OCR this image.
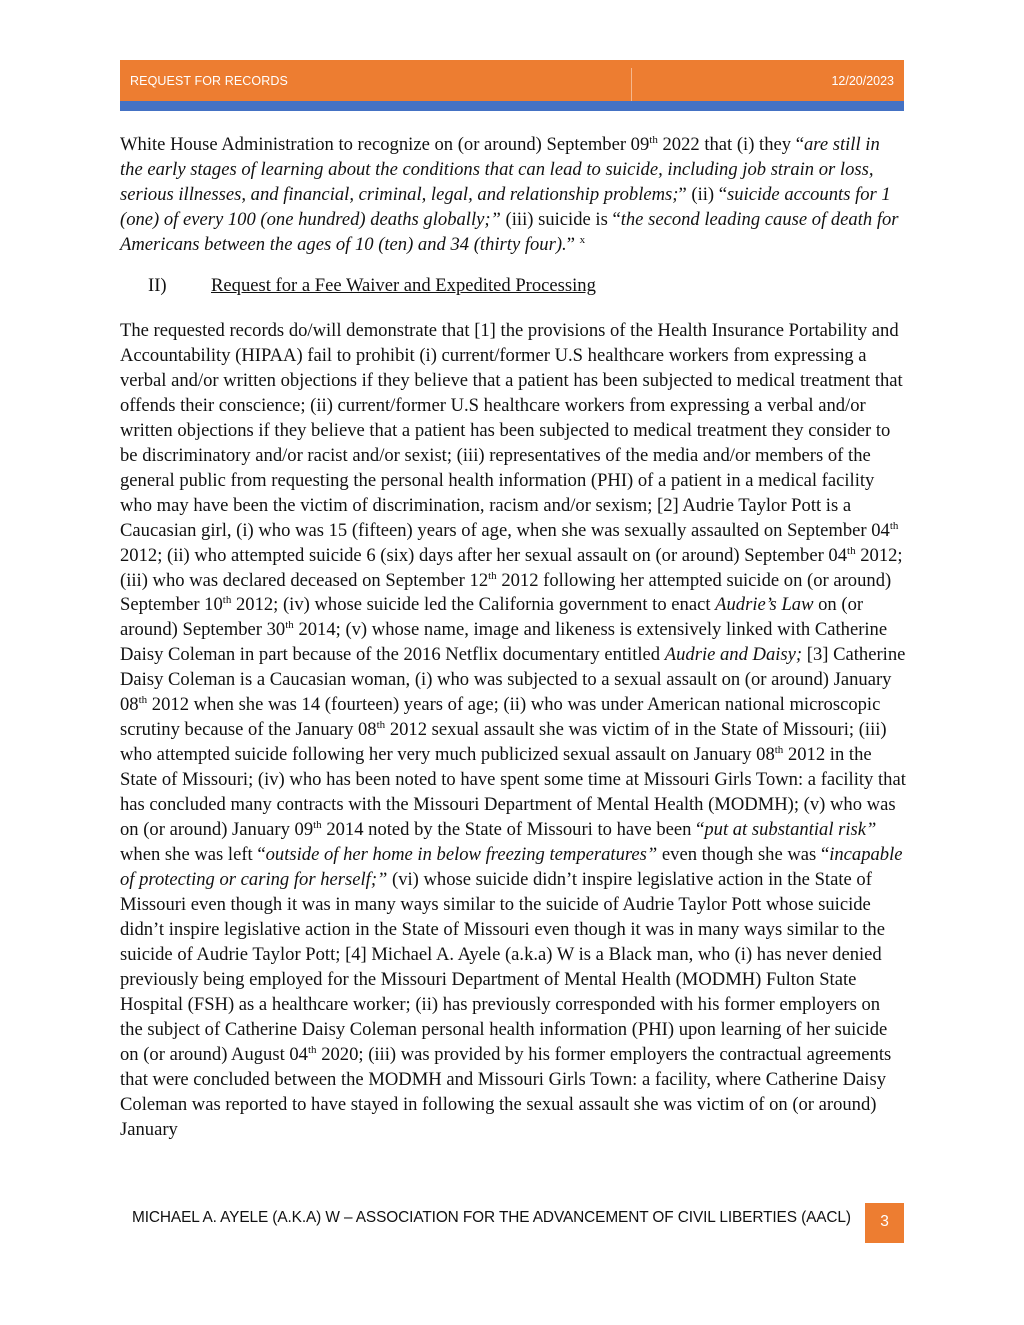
REQUEST FOR RECORDS	12/20/2023

White House Administration to recognize on (or around) September 09th 2022 that (i) they “are still in the early stages of learning about the conditions that can lead to suicide, including job strain or loss, serious illnesses, and financial, criminal, legal, and relationship problems;” (ii) “suicide accounts for 1 (one) of every 100 (one hundred) deaths globally;” (iii) suicide is “the second leading cause of death for Americans between the ages of 10 (ten) and 34 (thirty four).” $^x$

II) Request for a Fee Waiver and Expedited Processing

The requested records do/will demonstrate that [1] the provisions of the Health Insurance Portability and Accountability (HIPAA) fail to prohibit (i) current/former U.S healthcare workers from expressing a verbal and/or written objections if they believe that a patient has been subjected to medical treatment that offends their conscience; (ii) current/former U.S healthcare workers from expressing a verbal and/or written objections if they believe that a patient has been subjected to medical treatment they consider to be discriminatory and/or racist and/or sexist; (iii) representatives of the media and/or members of the general public from requesting the personal health information (PHI) of a patient in a medical facility who may have been the victim of discrimination, racism and/or sexism; [2] Audrie Taylor Pott is a Caucasian girl, (i) who was 15 (fifteen) years of age, when she was sexually assaulted on September 04th 2012; (ii) who attempted suicide 6 (six) days after her sexual assault on (or around) September 04th 2012; (iii) who was declared deceased on September 12th 2012 following her attempted suicide on (or around) September 10th 2012; (iv) whose suicide led the California government to enact Audrie’s Law on (or around) September 30th 2014; (v) whose name, image and likeness is extensively linked with Catherine Daisy Coleman in part because of the 2016 Netflix documentary entitled Audrie and Daisy; [3] Catherine Daisy Coleman is a Caucasian woman, (i) who was subjected to a sexual assault on (or around) January 08th 2012 when she was 14 (fourteen) years of age; (ii) who was under American national microscopic scrutiny because of the January 08th 2012 sexual assault she was victim of in the State of Missouri; (iii) who attempted suicide following her very much publicized sexual assault on January 08th 2012 in the State of Missouri; (iv) who has been noted to have spent some time at Missouri Girls Town: a facility that has concluded many contracts with the Missouri Department of Mental Health (MODMH); (v) who was on (or around) January 09th 2014 noted by the State of Missouri to have been “put at substantial risk” when she was left “outside of her home in below freezing temperatures” even though she was “incapable of protecting or caring for herself;” (vi) whose suicide didn’t inspire legislative action in the State of Missouri even though it was in many ways similar to the suicide of Audrie Taylor Pott whose suicide didn’t inspire legislative action in the State of Missouri even though it was in many ways similar to the suicide of Audrie Taylor Pott; [4] Michael A. Ayele (a.k.a) W is a Black man, who (i) has never denied previously being employed for the Missouri Department of Mental Health (MODMH) Fulton State Hospital (FSH) as a healthcare worker; (ii) has previously corresponded with his former employers on the subject of Catherine Daisy Coleman personal health information (PHI) upon learning of her suicide on (or around) August 04th 2020; (iii) was provided by his former employers the contractual agreements that were concluded between the MODMH and Missouri Girls Town: a facility, where Catherine Daisy Coleman was reported to have stayed in following the sexual assault she was victim of on (or around) January

MICHAEL A. AYELE (A.K.A) W – ASSOCIATION FOR THE ADVANCEMENT OF CIVIL LIBERTIES (AACL)	3
